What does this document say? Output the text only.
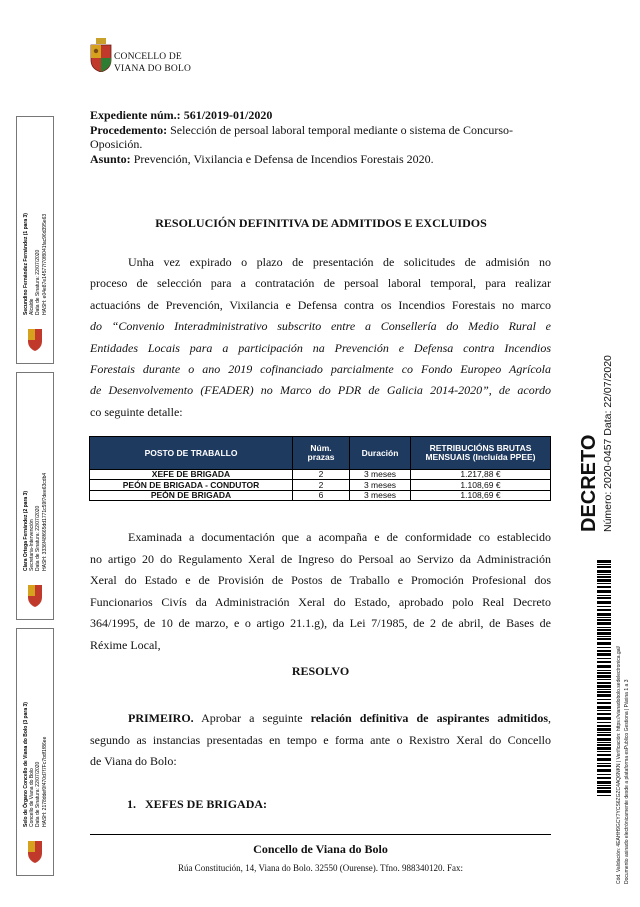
CONCELLO DE
VIANA DO BOLO
Secundino Fernández Fernández (1 para 3) Alcalde Data de Sinatura: 22/07/2020 HASH: e04e87e14577f70f8041fac96d395e63
Clara Ortega Fernández (2 para 3) Secretaria-Intervención Data de Sinatura: 22/07/2020 HASH: 3336f48f665dd1771c59f7dee63cdb4
Selo de Órgano Concello de Viana do Bolo (3 para 3) Concello de Viana do Bolo Data de Sinatura: 22/07/2020 HASH: 2178ddef0f470d7f7Fc7bdf1f86ee
Expediente núm.: 561/2019-01/2020
Procedemento: Selección de persoal laboral temporal mediante o sistema de Concurso-
Oposición.
Asunto: Prevención, Vixilancia e Defensa de Incendios Forestais 2020.
RESOLUCIÓN DEFINITIVA DE ADMITIDOS E EXCLUIDOS
Unha vez expirado o plazo de presentación de solicitudes de admisión no
proceso de selección para a contratación de persoal laboral temporal, para realizar
actuacións de Prevención, Vixilancia e Defensa contra os Incendios Forestais no marco
do “Convenio Interadministrativo subscrito entre a Consellería do Medio Rural e
Entidades Locais para a participación na Prevención e Defensa contra Incendios
Forestais durante o ano 2019 cofinanciado parcialmente co Fondo Europeo Agrícola
de Desenvolvemento (FEADER) no Marco do PDR de Galicia 2014-2020”, de acordo
co seguinte detalle:
POSTO DE TRABALLO	Núm. prazas	Duración	RETRIBUCIÓNS BRUTAS MENSUAIS (Incluída PPEE)
XEFE DE BRIGADA	2	3 meses	1.217,88 €
PEÓN DE BRIGADA - CONDUTOR	2	3 meses	1.108,69 €
PEÓN DE BRIGADA	6	3 meses	1.108,69 €
Examinada a documentación que a acompaña e de conformidade co establecido
no artigo 20 do Regulamento Xeral de Ingreso do Persoal ao Servizo da Administración
Xeral do Estado e de Provisión de Postos de Traballo e Promoción Profesional dos
Funcionarios Civís da Administración Xeral do Estado, aprobado polo Real Decreto
364/1995, de 10 de marzo, e o artigo 21.1.g), da Lei 7/1985, de 2 de abril, de Bases de
Réxime Local,
RESOLVO
PRIMEIRO. Aprobar a seguinte relación definitiva de aspirantes admitidos,
segundo as instancias presentadas en tempo e forma ante o Rexistro Xeral do Concello
de Viana do Bolo:
1.   XEFES DE BRIGADA:
Concello de Viana do Bolo
Rúa Constitución, 14, Viana do Bolo. 32550 (Ourense). Tfno. 988340120. Fax:
DECRETO Número: 2020-0457 Data: 22/07/2020
Cód. Validación: 4EAHH9GCY7YCS6ZGZC4AQ6NKN | Verificación: https://vianadobolo.sedelectronica.gal/ Documento asinado electrónicamente desde a plataforma esPublico Gestiona | Páxina 1 a 3
